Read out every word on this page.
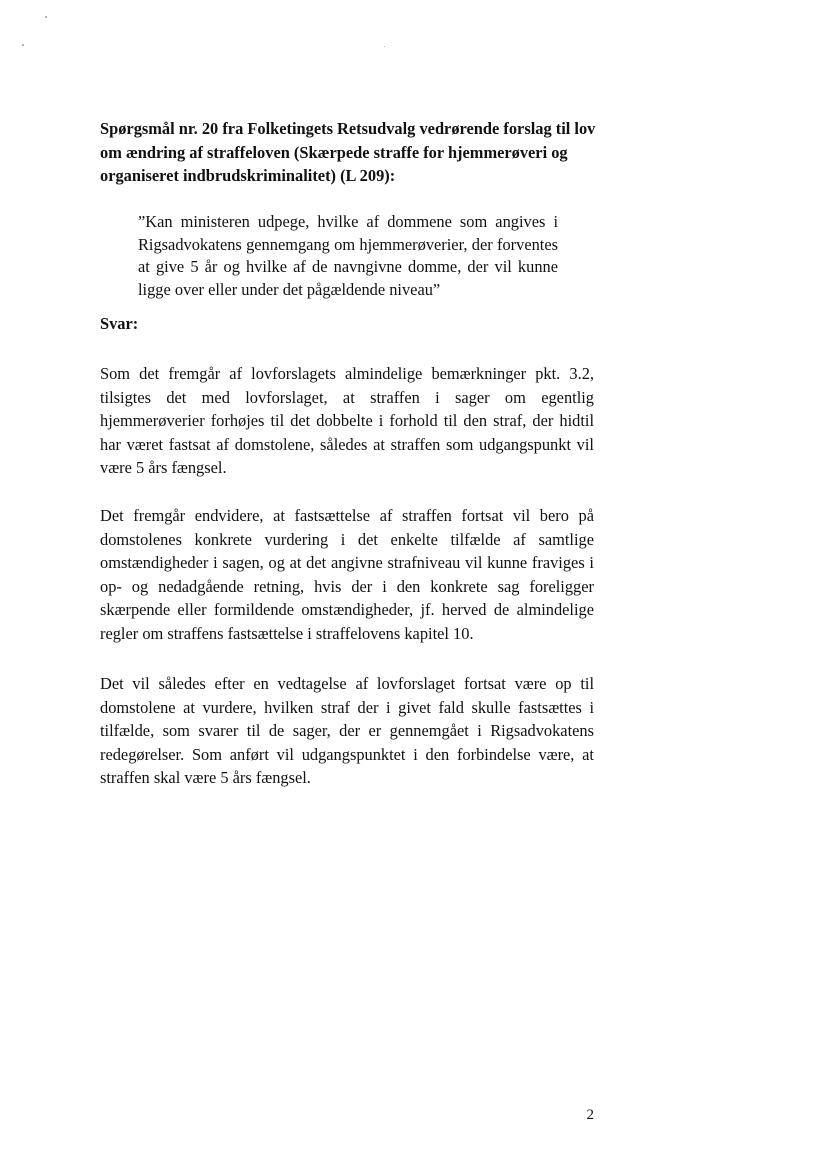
Spørgsmål nr. 20 fra Folketingets Retsudvalg vedrørende forslag til lov om ændring af straffeloven (Skærpede straffe for hjemmerøveri og organiseret indbrudskriminalitet) (L 209):
”Kan ministeren udpege, hvilke af dommene som angives i Rigsadvokatens gennemgang om hjemmerøverier, der forventes at give 5 år og hvilke af de navngivne domme, der vil kunne ligge over eller under det pågældende niveau”
Svar:
Som det fremgår af lovforslagets almindelige bemærkninger pkt. 3.2, tilsigtes det med lovforslaget, at straffen i sager om egentlig hjemmerøverier forhøjes til det dobbelte i forhold til den straf, der hidtil har været fastsat af domstolene, således at straffen som udgangspunkt vil være 5 års fængsel.
Det fremgår endvidere, at fastsættelse af straffen fortsat vil bero på domstolenes konkrete vurdering i det enkelte tilfælde af samtlige omstændigheder i sagen, og at det angivne strafniveau vil kunne fraviges i op- og nedadgående retning, hvis der i den konkrete sag foreligger skærpende eller formildende omstændigheder, jf. herved de almindelige regler om straffens fastsættelse i straffelovens kapitel 10.
Det vil således efter en vedtagelse af lovforslaget fortsat være op til domstolene at vurdere, hvilken straf der i givet fald skulle fastsættes i tilfælde, som svarer til de sager, der er gennemgået i Rigsadvokatens redegørelser. Som anført vil udgangspunktet i den forbindelse være, at straffen skal være 5 års fængsel.
2
